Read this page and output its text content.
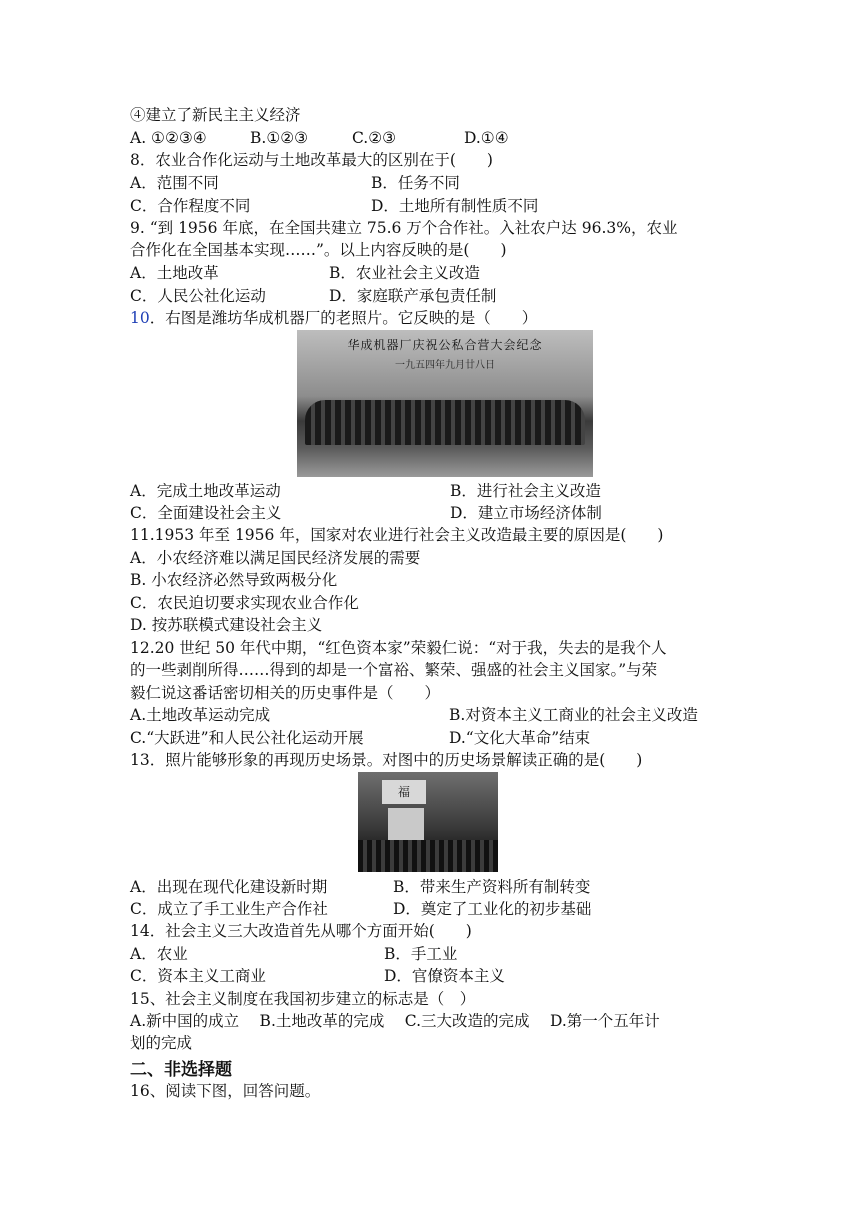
④建立了新民主主义经济
A. ①②③④	B.①②③	C.②③	D.①④
8．农业合作化运动与土地改革最大的区别在于(　　)
A．范围不同	B．任务不同
C．合作程度不同	D．土地所有制性质不同
9. “到 1956 年底，在全国共建立 75.6 万个合作社。入社农户达 96.3%，农业
合作化在全国基本实现……”。以上内容反映的是(　　)
A．土地改革	B．农业社会主义改造
C．人民公社化运动	D．家庭联产承包责任制
10．右图是潍坊华成机器厂的老照片。它反映的是（　　）
华成机器厂庆祝公私合营大会纪念
一九五四年九月廿八日
A．完成土地改革运动	B．进行社会主义改造
C．全面建设社会主义	D．建立市场经济体制
11.1953 年至 1956 年，国家对农业进行社会主义改造最主要的原因是(　　)
A．小农经济难以满足国民经济发展的需要
B. 小农经济必然导致两极分化
C．农民迫切要求实现农业合作化
D. 按苏联模式建设社会主义
12.20 世纪 50 年代中期，“红色资本家”荣毅仁说：“对于我，失去的是我个人
的一些剥削所得……得到的却是一个富裕、繁荣、强盛的社会主义国家。”与荣
毅仁说这番话密切相关的历史事件是（　　）
A.土地改革运动完成	B.对资本主义工商业的社会主义改造
C.“大跃进”和人民公社化运动开展	D.“文化大革命”结束
13．照片能够形象的再现历史场景。对图中的历史场景解读正确的是(　　)
福
A．出现在现代化建设新时期	B．带来生产资料所有制转变
C．成立了手工业生产合作社	D．奠定了工业化的初步基础
14．社会主义三大改造首先从哪个方面开始(　　)
A．农业	B．手工业
C．资本主义工商业	D．官僚资本主义
15、社会主义制度在我国初步建立的标志是（　）
A.新中国的成立　 B.土地改革的完成　 C.三大改造的完成　 D.第一个五年计
划的完成
二、非选择题
16、阅读下图，回答问题。
